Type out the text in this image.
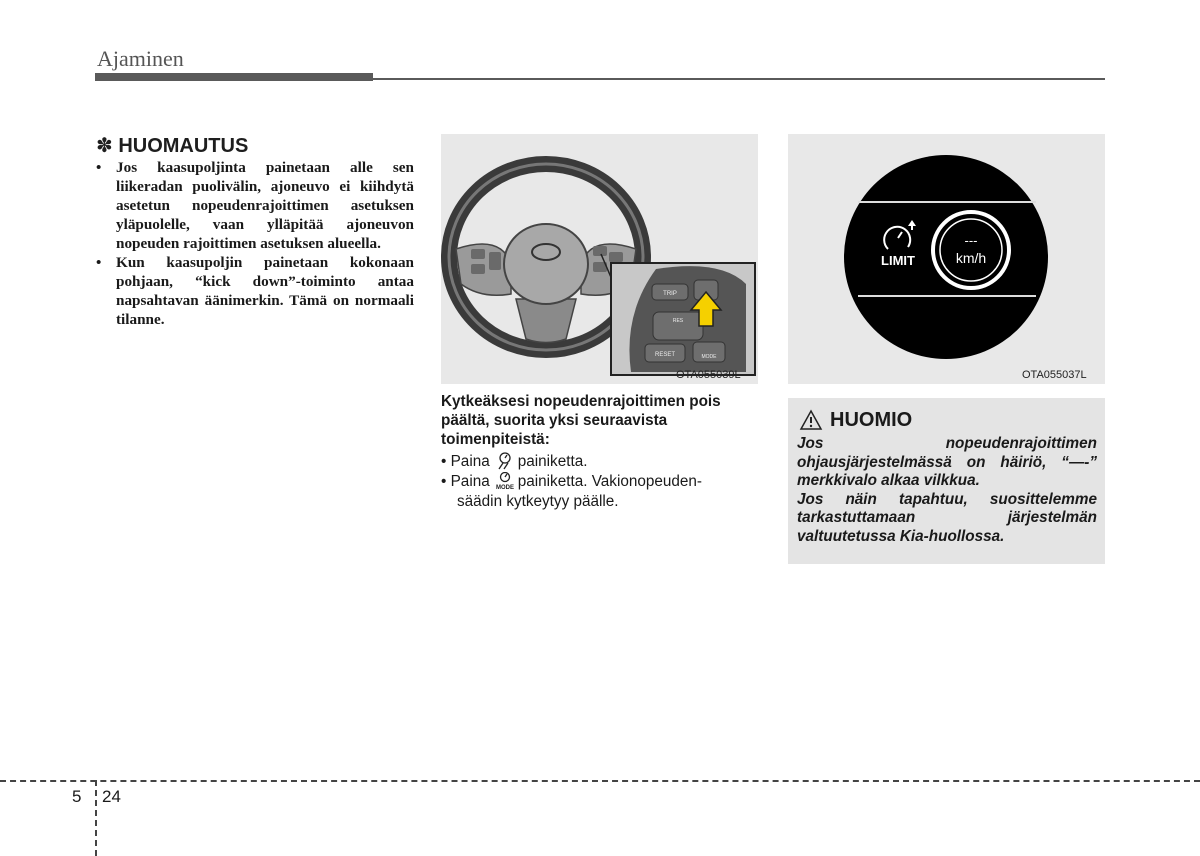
Ajaminen
✽ HUOMAUTUS
• Jos kaasupoljinta painetaan alle sen liikeradan puolivälin, ajoneuvo ei kiihdytä asetetun nopeudenrajoittimen asetuksen yläpuolelle, vaan ylläpitää ajoneuvon nopeuden rajoittimen asetuksen alueella.
• Kun kaasupoljin painetaan kokonaan pohjaan, “kick down”-toiminto antaa napsahtavan äänimerkin. Tämä on normaali tilanne.
TRIP
RES
RESET	MODE
OTA055039L
LIMIT
---
km/h
OTA055037L
Kytkeäksesi nopeudenrajoittimen pois päältä, suorita yksi seuraavista toimenpiteistä:
• Paina painiketta.
• Paina MODE painiketta. Vakionopeuden-
säädin kytkeytyy päälle.
HUOMIO
Jos nopeudenrajoittimen ohjausjärjestelmässä on häiriö, “—-” merkkivalo alkaa vilkkua.
Jos näin tapahtuu, suosittelemme tarkastuttamaan järjestelmän valtuutetussa Kia-huollossa.
5 24
